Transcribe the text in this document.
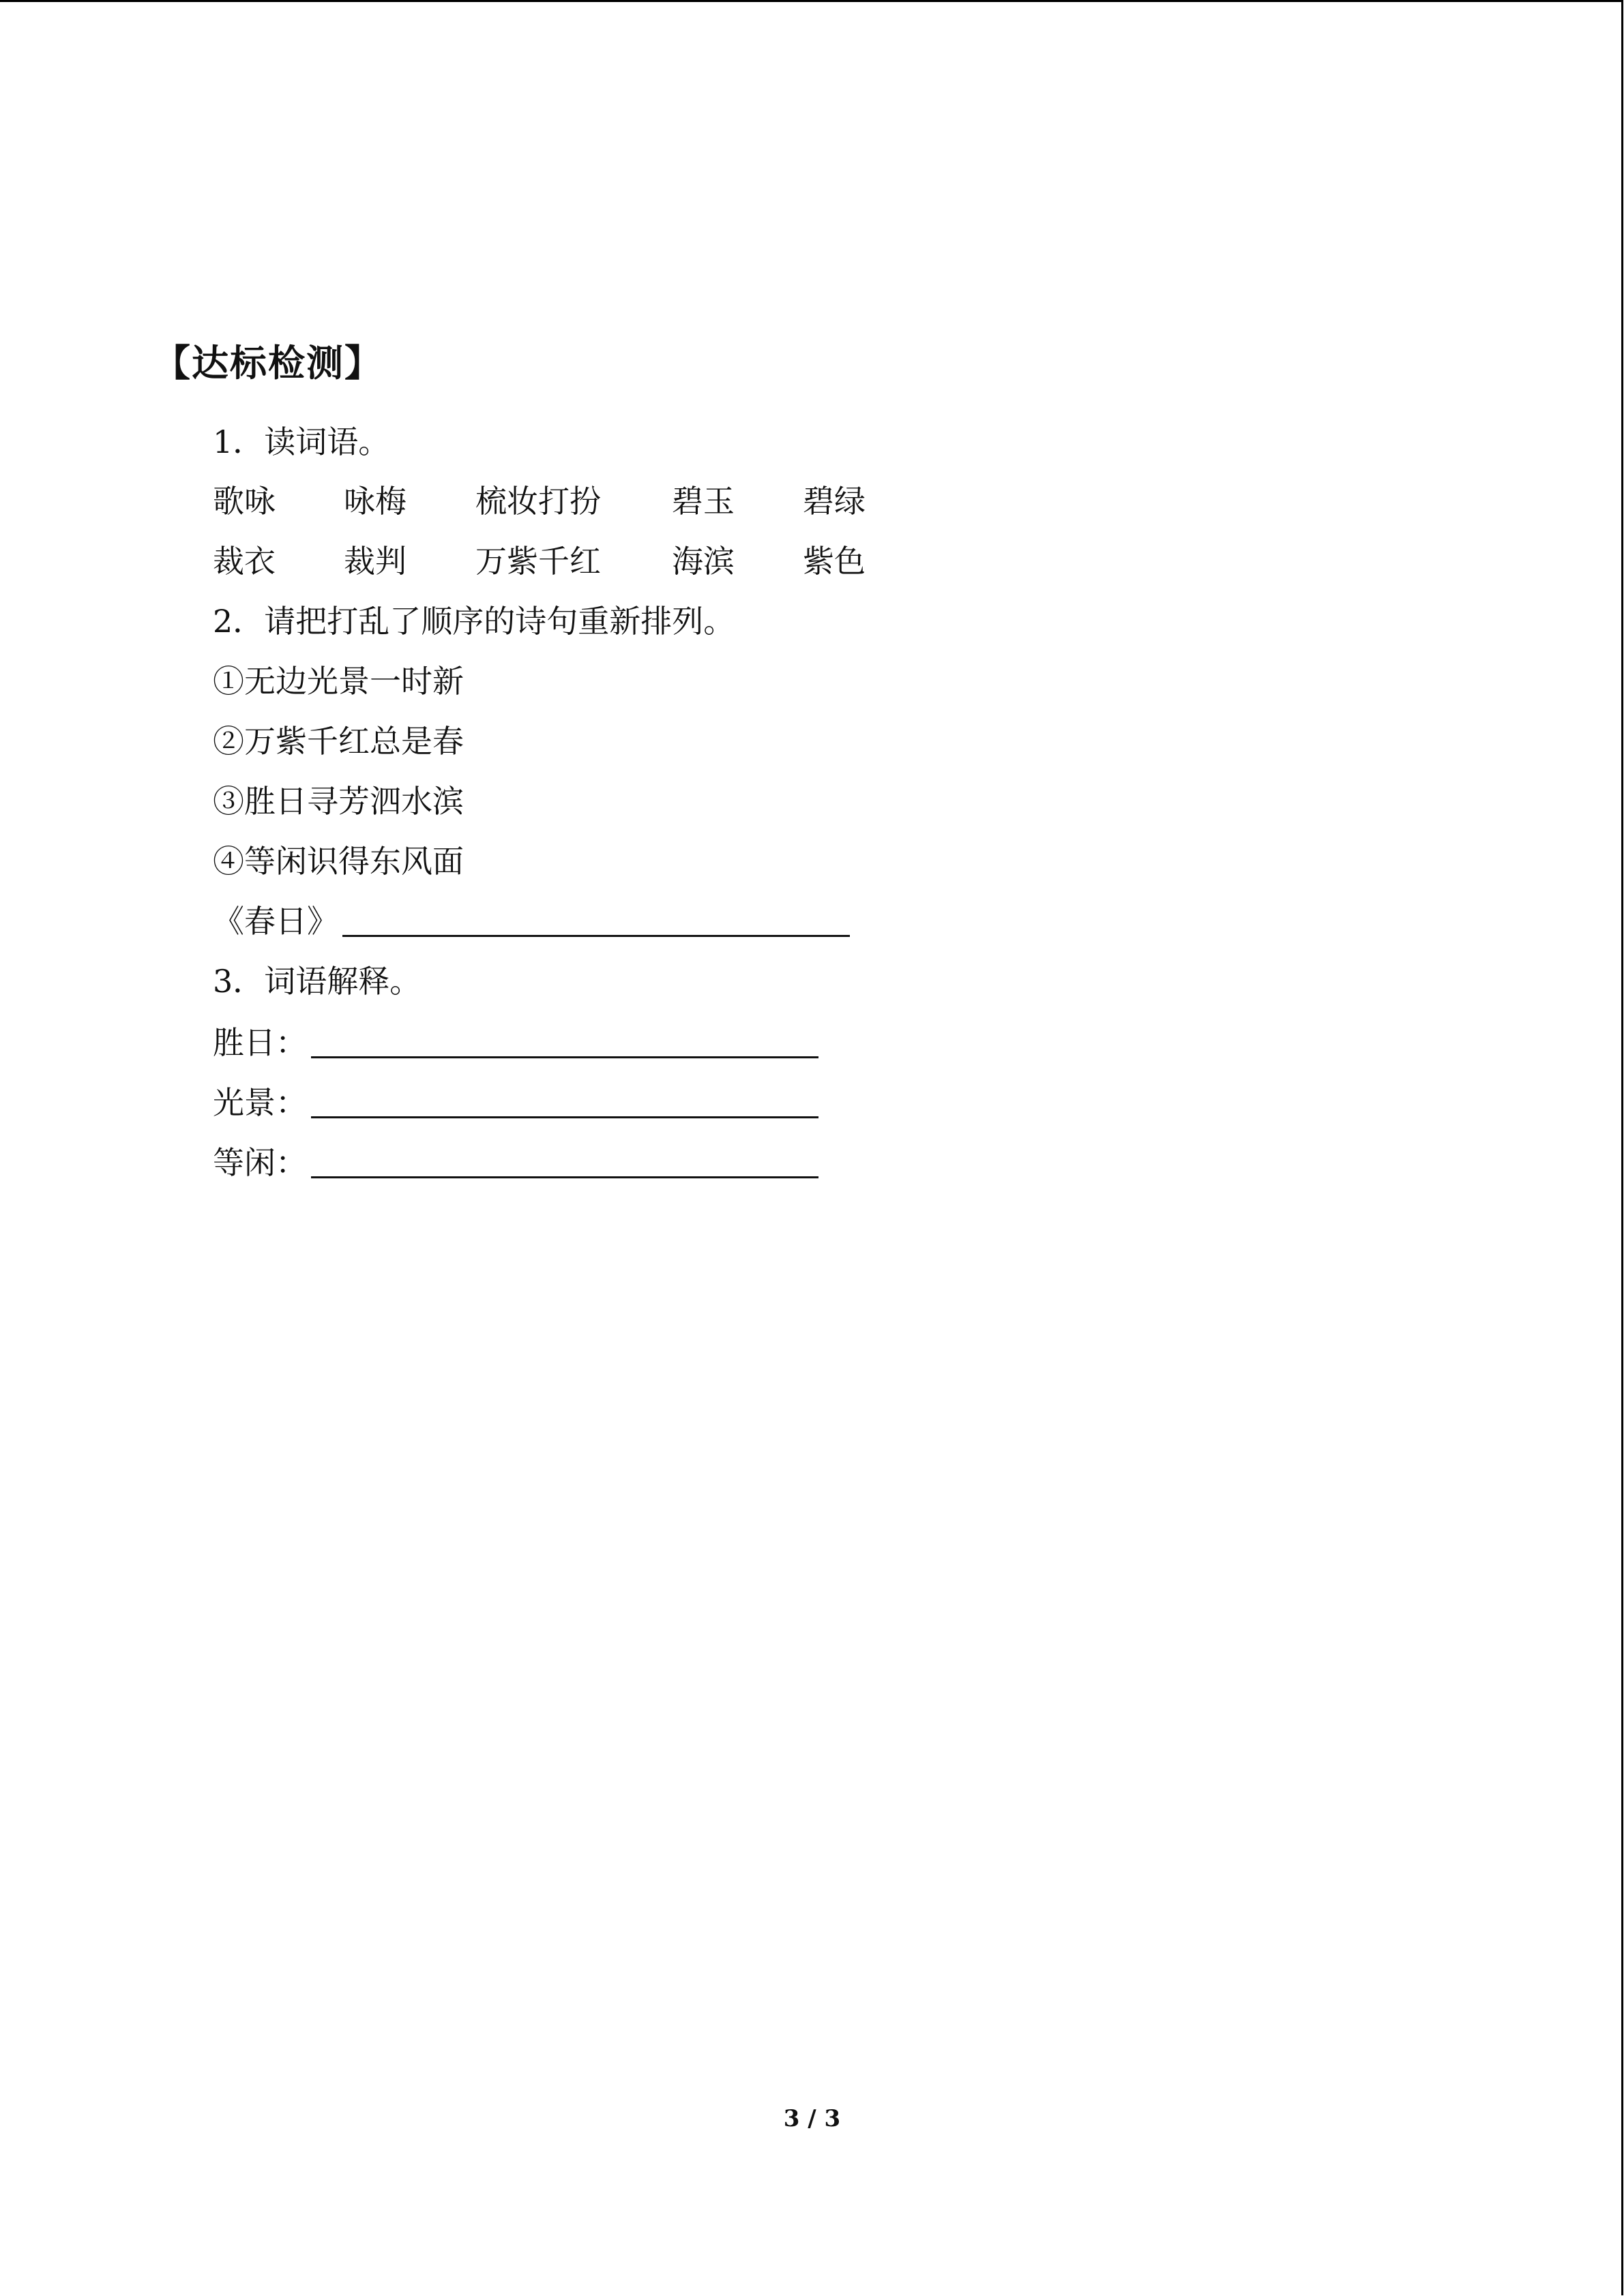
【达标检测】
1．读词语。
歌咏 咏梅 梳妆打扮 碧玉 碧绿
裁衣 裁判 万紫千红 海滨 紫色
2．请把打乱了顺序的诗句重新排列。
①无边光景一时新
②万紫千红总是春
③胜日寻芳泗水滨
④等闲识得东风面
《春日》
3．词语解释。
胜日：
光景：
等闲：
3 / 3
